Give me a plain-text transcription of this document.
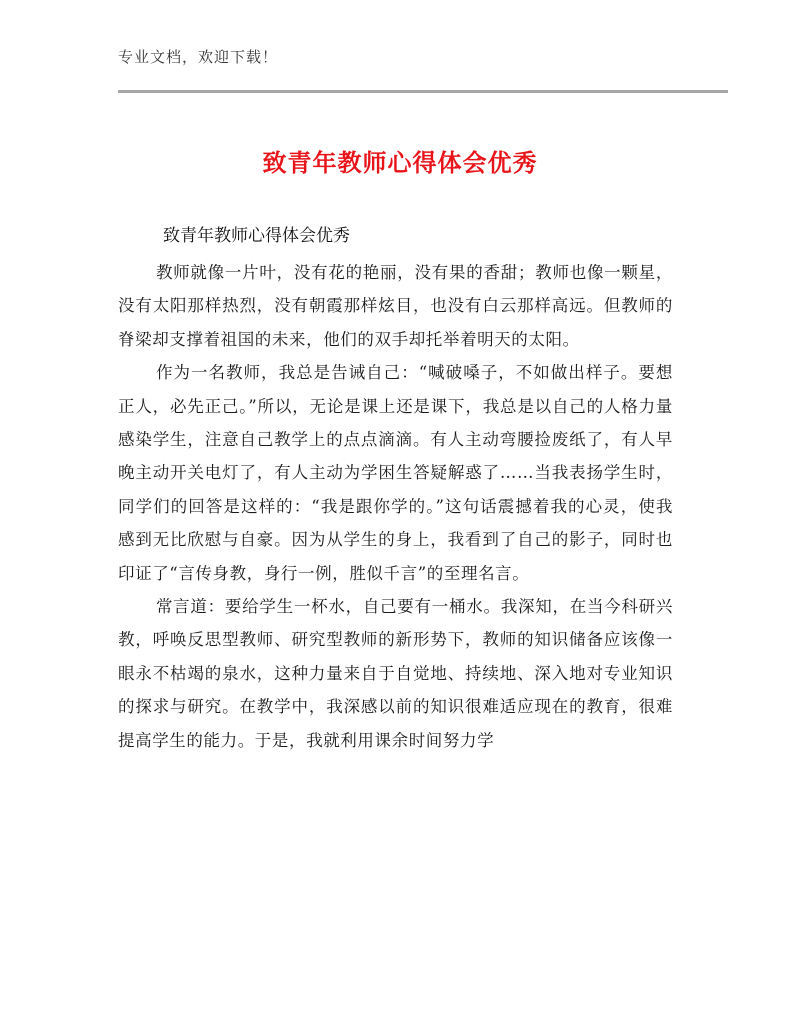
专业文档，欢迎下载！
致青年教师心得体会优秀
致青年教师心得体会优秀

教师就像一片叶，没有花的艳丽，没有果的香甜；教师也像一颗星，没有太阳那样热烈，没有朝霞那样炫目，也没有白云那样高远。但教师的脊梁却支撑着祖国的未来，他们的双手却托举着明天的太阳。

作为一名教师，我总是告诫自己：“喊破嗓子，不如做出样子。要想正人，必先正己。”所以，无论是课上还是课下，我总是以自己的人格力量感染学生，注意自己教学上的点点滴滴。有人主动弯腰捡废纸了，有人早晚主动开关电灯了，有人主动为学困生答疑解惑了……当我表扬学生时，同学们的回答是这样的：“我是跟你学的。”这句话震撼着我的心灵，使我感到无比欣慰与自豪。因为从学生的身上，我看到了自己的影子，同时也印证了“言传身教，身行一例，胜似千言”的至理名言。

常言道：要给学生一杯水，自己要有一桶水。我深知，在当今科研兴教，呼唤反思型教师、研究型教师的新形势下，教师的知识储备应该像一眼永不枯竭的泉水，这种力量来自于自觉地、持续地、深入地对专业知识的探求与研究。在教学中，我深感以前的知识很难适应现在的教育，很难提高学生的能力。于是，我就利用课余时间努力学
